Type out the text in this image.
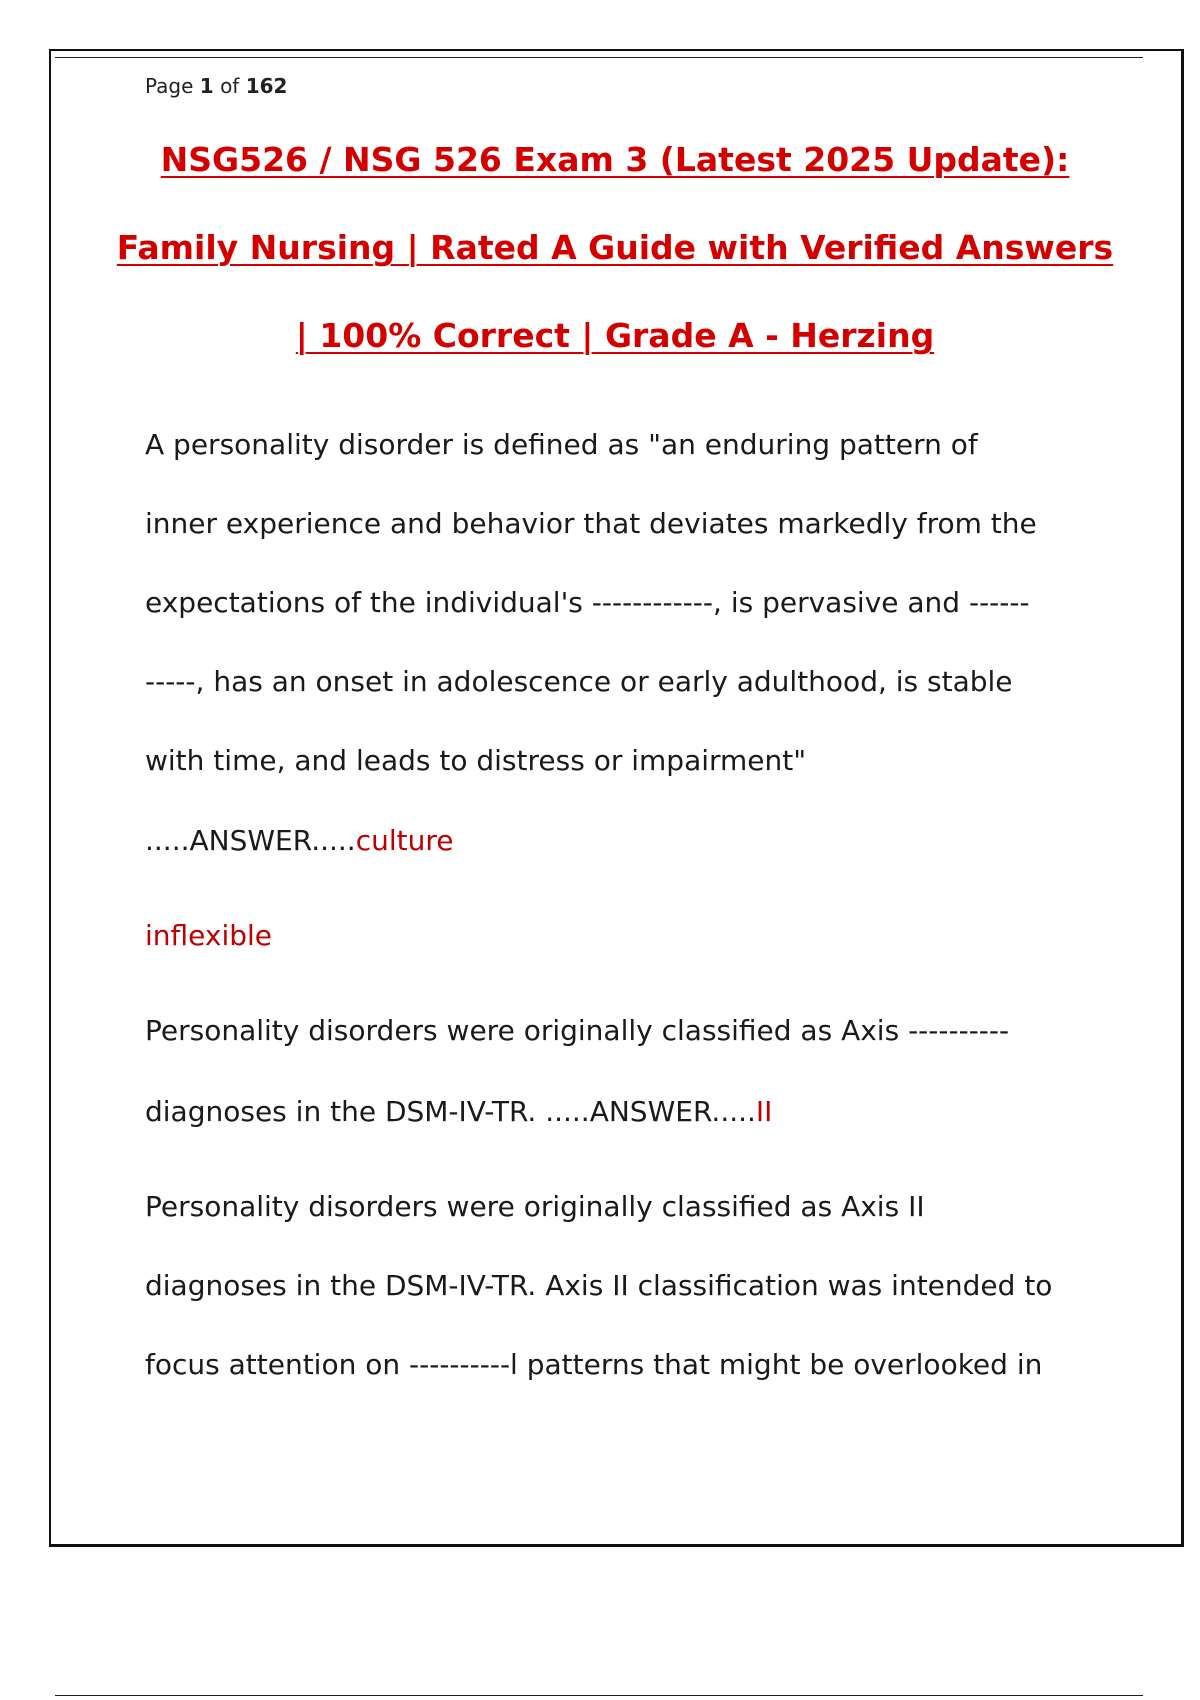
Page 1 of 162
NSG526 / NSG 526 Exam 3 (Latest 2025 Update):
Family Nursing | Rated A Guide with Verified Answers
| 100% Correct | Grade A - Herzing
A personality disorder is defined as "an enduring pattern of
inner experience and behavior that deviates markedly from the
expectations of the individual's ------------, is pervasive and ------
-----, has an onset in adolescence or early adulthood, is stable
with time, and leads to distress or impairment"
.....ANSWER.....culture
inflexible
Personality disorders were originally classified as Axis ----------
diagnoses in the DSM-IV-TR. .....ANSWER.....II
Personality disorders were originally classified as Axis II
diagnoses in the DSM-IV-TR. Axis II classification was intended to
focus attention on ----------l patterns that might be overlooked in
